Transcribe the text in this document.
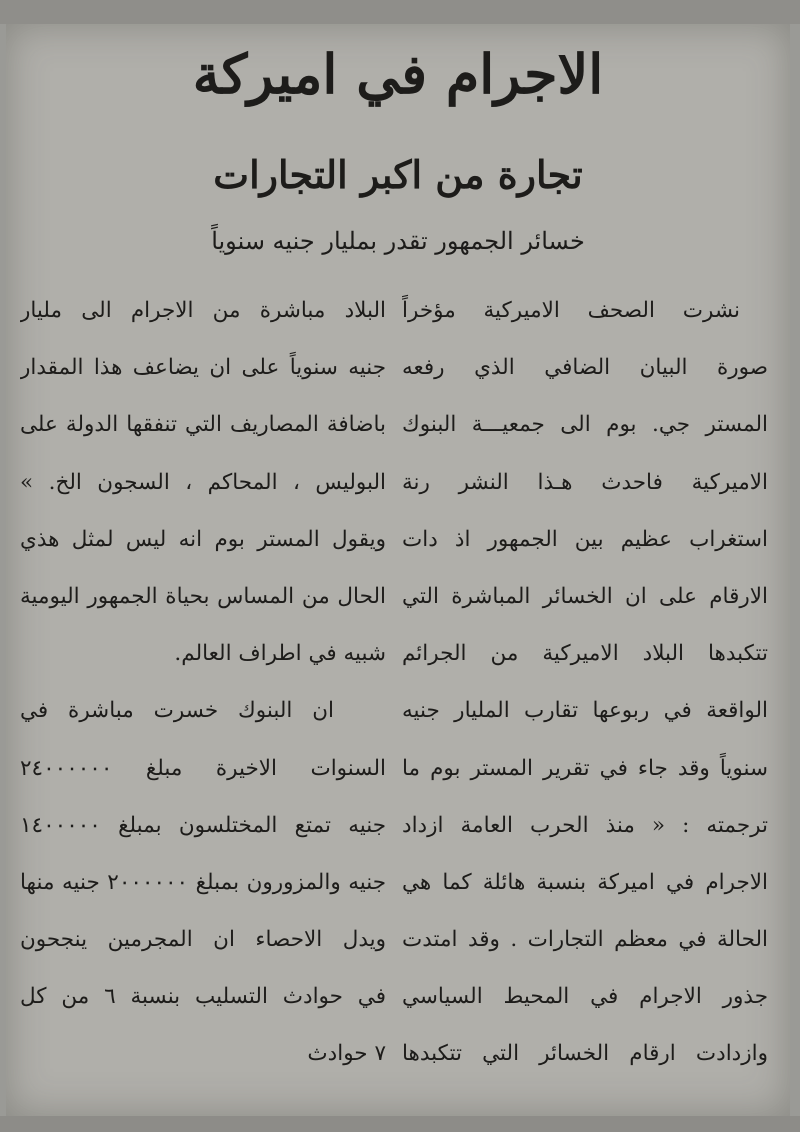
الاجرام في اميركة
تجارة من اكبر التجارات

خسائر الجمهور تقدر بمليار جنيه سنوياً

نشرت الصحف الاميركية مؤخراً
صورة البيان الضافي الذي رفعه
المستر جي. بوم الى جمعيـــة البنوك
الاميركية فاحدث هـذا النشر رنة
استغراب عظيم بين الجمهور اذ دات
الارقام على ان الخسائر المباشرة التي
تتكبدها البلاد الاميركية من الجرائم
الواقعة في ربوعها تقارب المليار جنيه
سنوياً وقد جاء في تقرير المستر بوم ما
ترجمته : « منذ الحرب العامة ازداد
الاجرام في اميركة بنسبة هائلة كما هي
الحالة في معظم التجارات . وقد امتدت
جذور الاجرام في المحيط السياسي
وازدادت ارقام الخسائر التي تتكبدها
البلاد مباشرة من الاجرام الى مليار
جنيه سنوياً على ان يضاعف هذا المقدار
باضافة المصاريف التي تنفقها الدولة على
البوليس ، المحاكم ، السجون الخ. »
ويقول المستر بوم انه ليس لمثل هذي
الحال من المساس بحياة الجمهور اليومية
شبيه في اطراف العالم.
ان البنوك خسرت مباشرة في
السنوات الاخيرة مبلغ ٢٤٠٠٠٠٠٠
جنيه تمتع المختلسون بمبلغ ١٤٠٠٠٠٠
جنيه والمزورون بمبلغ ٢٠٠٠٠٠٠ جنيه منها
ويدل الاحصاء ان المجرمين ينجحون
في حوادث التسليب بنسبة ٦ من كل
٧ حوادث
